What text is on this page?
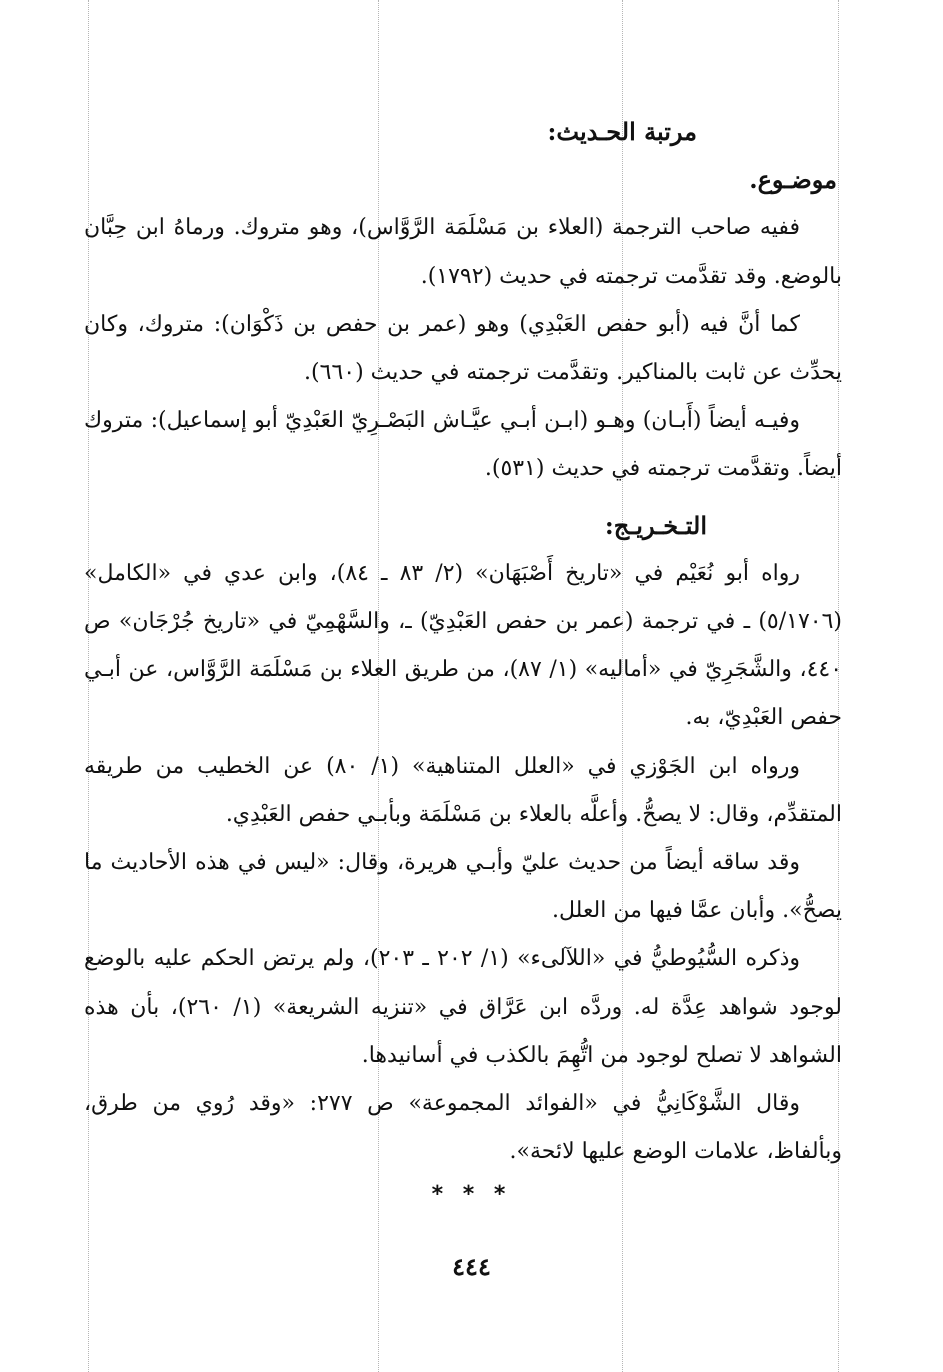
مرتبة الحـديث:
موضـوع.

ففيه صاحب الترجمة (العلاء بن مَسْلَمَة الرَّوَّاس)، وهو متروك. ورماهُ ابن حِبَّان بالوضع. وقد تقدَّمت ترجمته في حديث (١٧٩٢).

كما أنَّ فيه (أبو حفص العَبْدِي) وهو (عمر بن حفص بن ذَكْوَان): متروك، وكان يحدِّث عن ثابت بالمناكير. وتقدَّمت ترجمته في حديث (٦٦٠).

وفيـه أيضاً (أَبـان) وهـو (ابـن أبـي عيَّـاش البَصْـرِيّ العَبْدِيّ أبو إسماعيل): متروك أيضاً. وتقدَّمت ترجمته في حديث (٥٣١).

التـخـريـج:

رواه أبو نُعَيْم في «تاريخ أَصْبَهَان» (٢/ ٨٣ ـ ٨٤)، وابن عدي في «الكامل» (٥/١٧٠٦) ـ في ترجمة (عمر بن حفص العَبْدِيّ) ـ، والسَّهْمِيّ في «تاريخ جُرْجَان» ص ٤٤٠، والشَّجَرِيّ في «أماليه» (١/ ٨٧)، من طريق العلاء بن مَسْلَمَة الرَّوَّاس، عن أبـي حفص العَبْدِيّ، به.

ورواه ابن الجَوْزي في «العلل المتناهية» (١/ ٨٠) عن الخطيب من طريقه المتقدِّم، وقال: لا يصحُّ. وأعلَّه بالعلاء بن مَسْلَمَة وبأبـي حفص العَبْدِي.

وقد ساقه أيضاً من حديث عليّ وأبـي هريرة، وقال: «ليس في هذه الأحاديث ما يصحُّ». وأبان عمَّا فيها من العلل.

وذكره السُّيُوطيُّ في «اللآلىء» (١/ ٢٠٢ ـ ٢٠٣)، ولم يرتض الحكم عليه بالوضع لوجود شواهد عِدَّة له. وردَّه ابن عَرَّاق في «تنزيه الشريعة» (١/ ٢٦٠)، بأن هذه الشواهد لا تصلح لوجود من اتُّهِمَ بالكذب في أسانيدها.

وقال الشَّوْكَانِيُّ في «الفوائد المجموعة» ص ٢٧٧: «وقد رُوي من طرق، وبألفاظ، علامات الوضع عليها لائحة».

* * *
٤٤٤
